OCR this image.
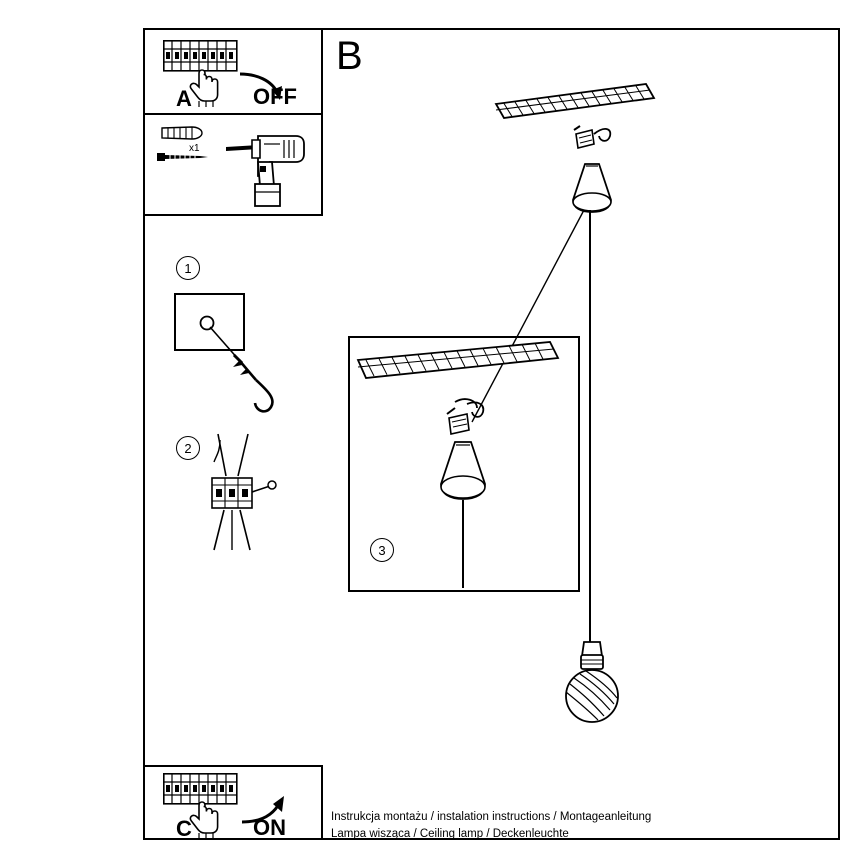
A	OFF
x1
1
2
B
3
C	ON	Instrukcja montażu / instalation instructions / Montageanleitung
Lampa wisząca / Ceiling lamp / Deckenleuchte
